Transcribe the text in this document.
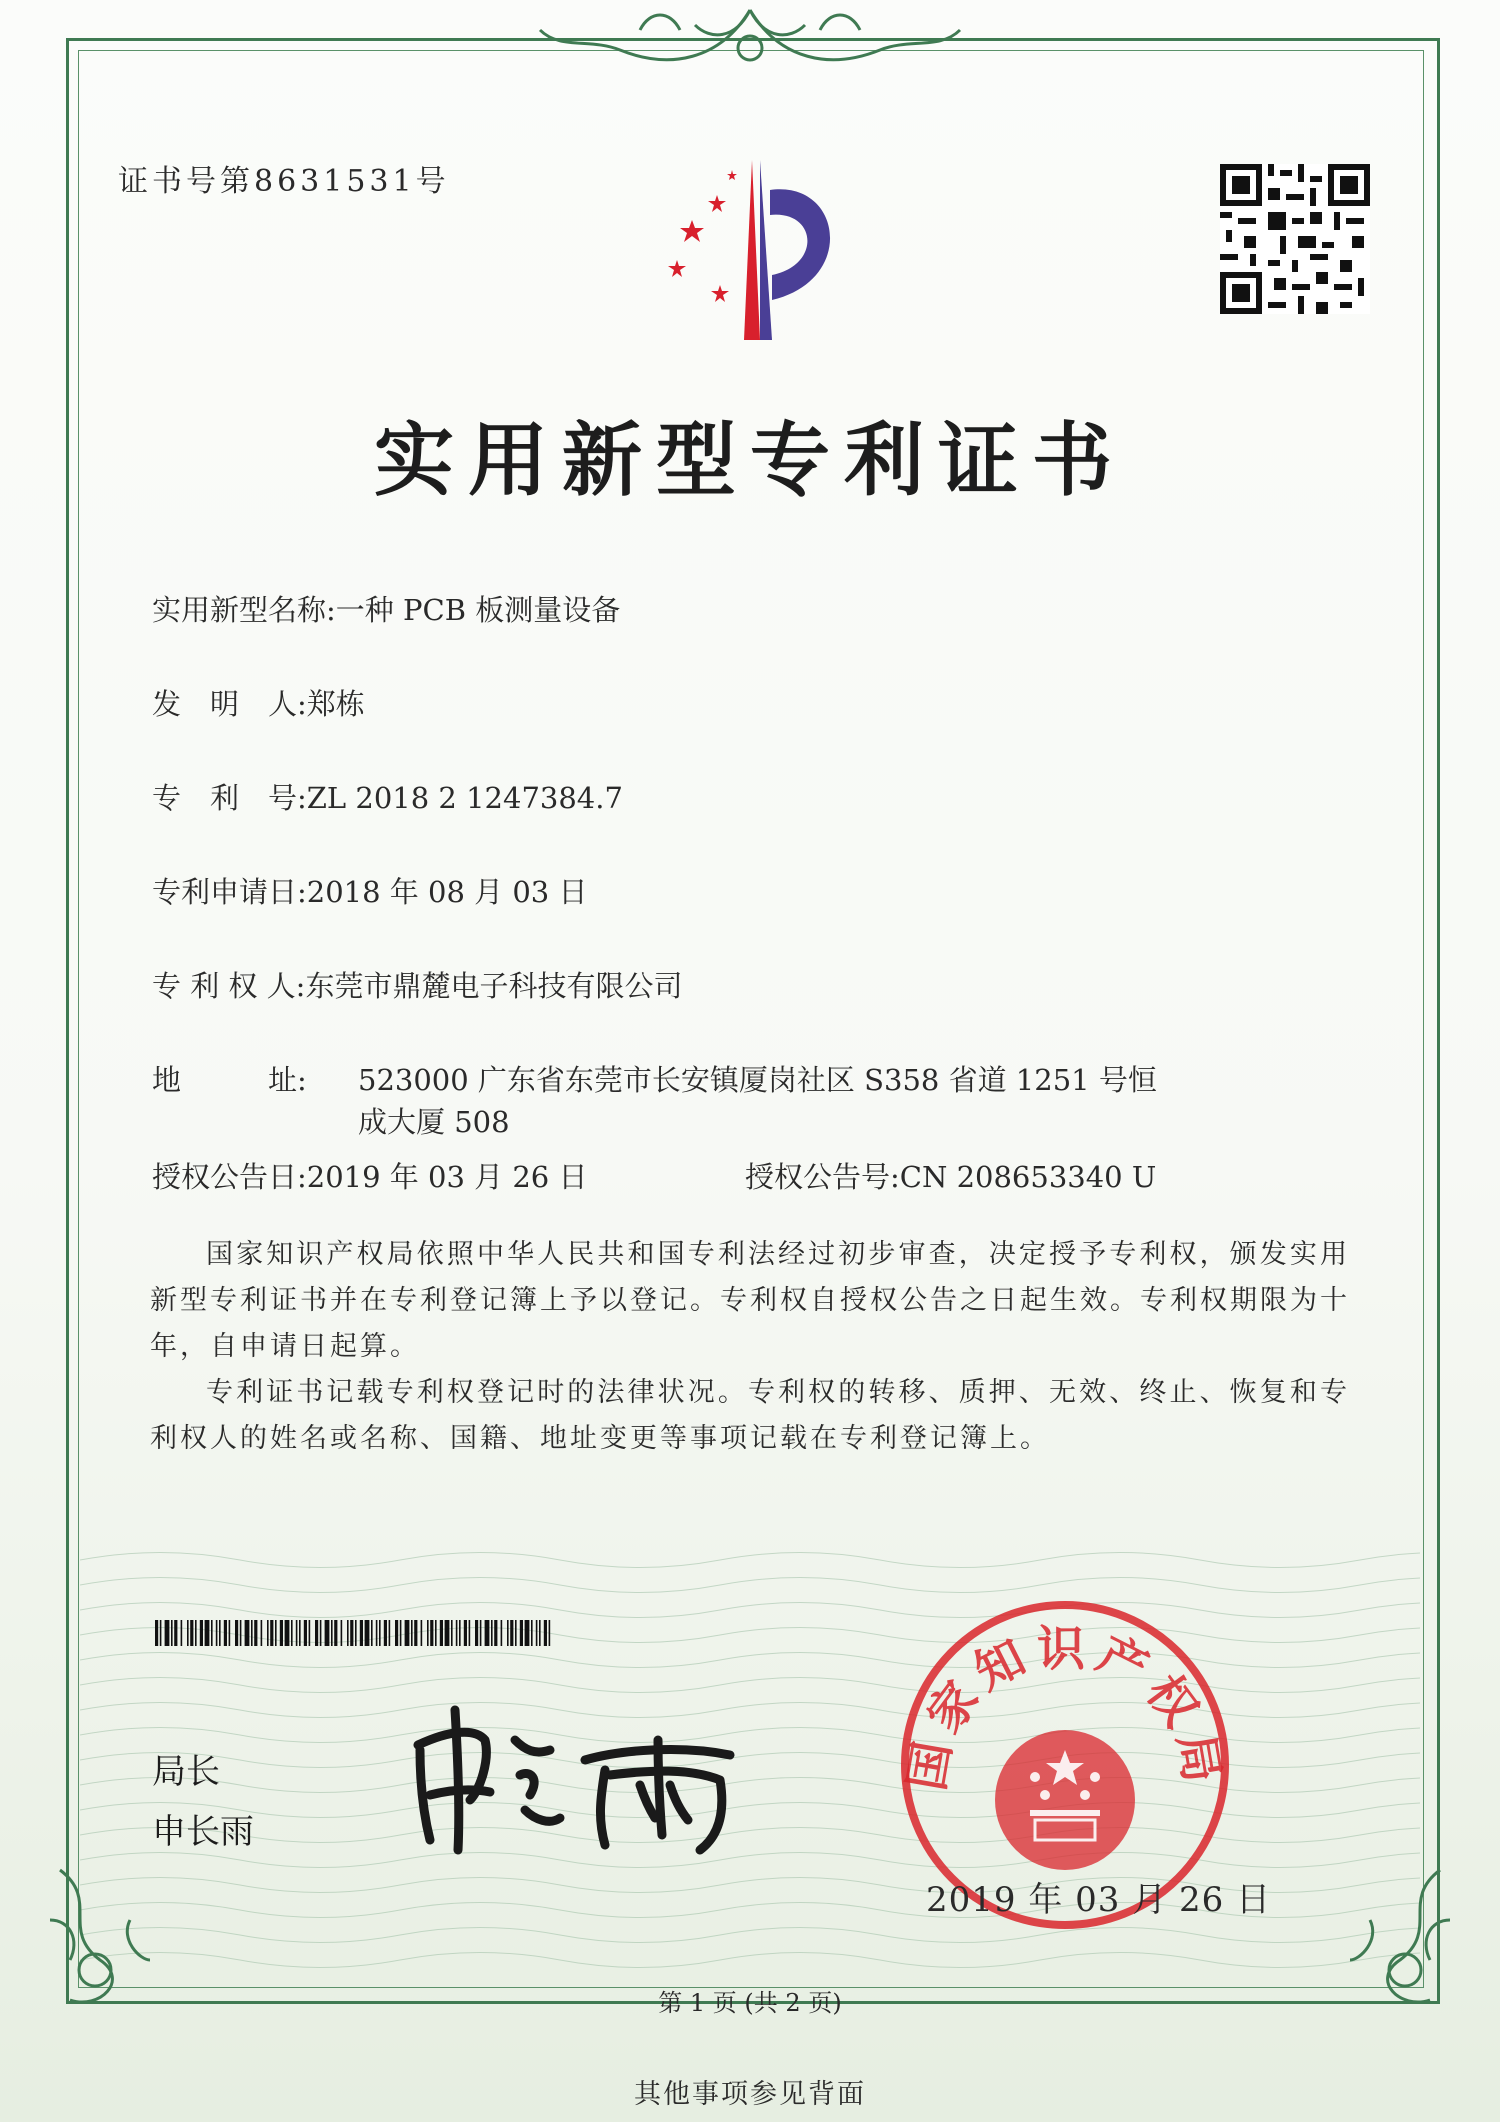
证书号第8631531号
实用新型专利证书
实用新型名称:一种 PCB 板测量设备
发　明　人:郑栋
专　利　号:ZL 2018 2 1247384.7
专利申请日:2018 年 08 月 03 日
专 利 权 人:东莞市鼎麓电子科技有限公司
地　　　址: 523000 广东省东莞市长安镇厦岗社区 S358 省道 1251 号恒
成大厦 508
授权公告日:2019 年 03 月 26 日	授权公告号:CN 208653340 U
国家知识产权局依照中华人民共和国专利法经过初步审查，决定授予专利权，颁发实用新型专利证书并在专利登记簿上予以登记。专利权自授权公告之日起生效。专利权期限为十年，自申请日起算。
专利证书记载专利权登记时的法律状况。专利权的转移、质押、无效、终止、恢复和专利权人的姓名或名称、国籍、地址变更等事项记载在专利登记簿上。
局长
申长雨
国家知识产权局
2019 年 03 月 26 日
第 1 页 (共 2 页)
其他事项参见背面
